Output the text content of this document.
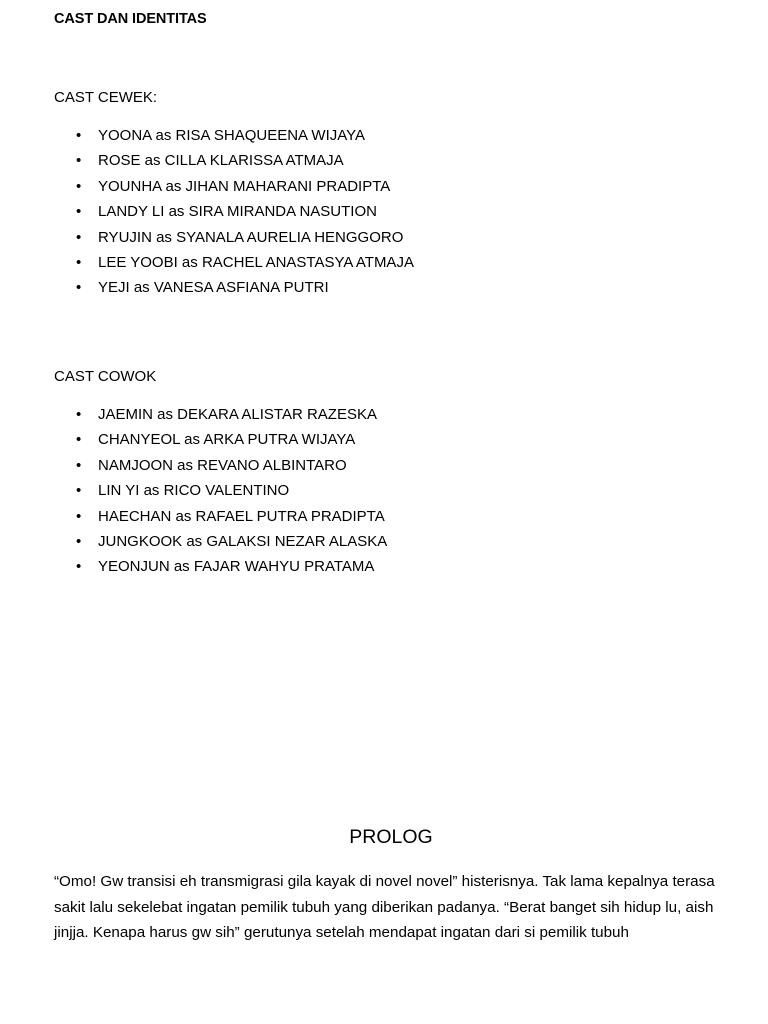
CAST DAN IDENTITAS
CAST CEWEK:
• YOONA as RISA SHAQUEENA WIJAYA
• ROSE as CILLA KLARISSA ATMAJA
• YOUNHA as JIHAN MAHARANI PRADIPTA
• LANDY LI as SIRA MIRANDA NASUTION
• RYUJIN as SYANALA AURELIA HENGGORO
• LEE YOOBI as RACHEL ANASTASYA ATMAJA
• YEJI as VANESA ASFIANA PUTRI
CAST COWOK
• JAEMIN as DEKARA ALISTAR RAZESKA
• CHANYEOL as ARKA PUTRA WIJAYA
• NAMJOON as REVANO ALBINTARO
• LIN YI as RICO VALENTINO
• HAECHAN as RAFAEL PUTRA PRADIPTA
• JUNGKOOK as GALAKSI NEZAR ALASKA
• YEONJUN as FAJAR WAHYU PRATAMA
PROLOG
“Omo! Gw transisi eh transmigrasi gila kayak di novel novel” histerisnya. Tak lama kepalnya terasa sakit lalu sekelebat ingatan pemilik tubuh yang diberikan padanya. “Berat banget sih hidup lu, aish jinjja. Kenapa harus gw sih” gerutunya setelah mendapat ingatan dari si pemilik tubuh
